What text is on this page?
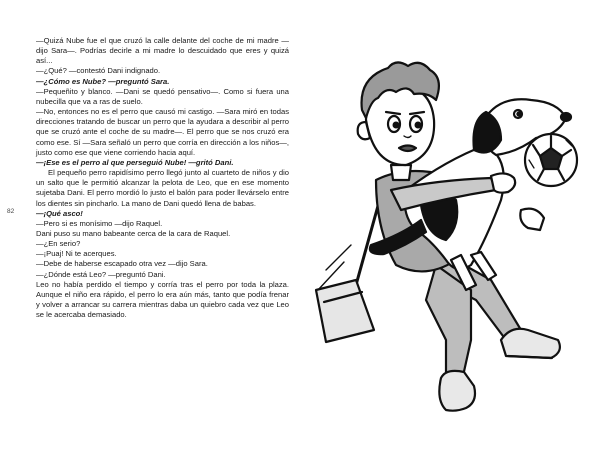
82

—Quizá Nube fue el que cruzó la calle delante del coche de mi madre —dijo Sara—. Podrías decirle a mi madre lo descuidado que eres y quizá así...

—¿Qué? —contestó Dani indignado.

—¿Cómo es Nube? —preguntó Sara.

—Pequeñito y blanco. —Dani se quedó pensativo—. Como si fuera una nubecilla que va a ras de suelo.

—No, entonces no es el perro que causó mi castigo. —Sara miró en todas direcciones tratando de buscar un perro que la ayudara a describir al perro que se cruzó ante el coche de su madre—. El perro que se nos cruzó era como ese. Sí —Sara señaló un perro que corría en dirección a los niños—, justo como ese que viene corriendo hacia aquí.

—¡Ese es el perro al que perseguió Nube! —gritó Dani.

El pequeño perro rapidísimo perro llegó junto al cuarteto de niños y dio un salto que le permitió alcanzar la pelota de Leo, que en ese momento sujetaba Dani. El perro mordió lo justo el balón para poder llevárselo entre los dientes sin pincharlo. La mano de Dani quedó llena de babas.

—¡Qué asco!

—Pero si es monísimo —dijo Raquel.

Dani puso su mano babeante cerca de la cara de Raquel.

—¿En serio?

—¡Puaj! Ni te acerques.

—Debe de haberse escapado otra vez —dijo Sara.

—¿Dónde está Leo? —preguntó Dani.

Leo no había perdido el tiempo y corría tras el perro por toda la plaza. Aunque el niño era rápido, el perro lo era aún más, tanto que podía frenar y volver a arrancar su carrera mientras daba un quiebro cada vez que Leo se le acercaba demasiado.
